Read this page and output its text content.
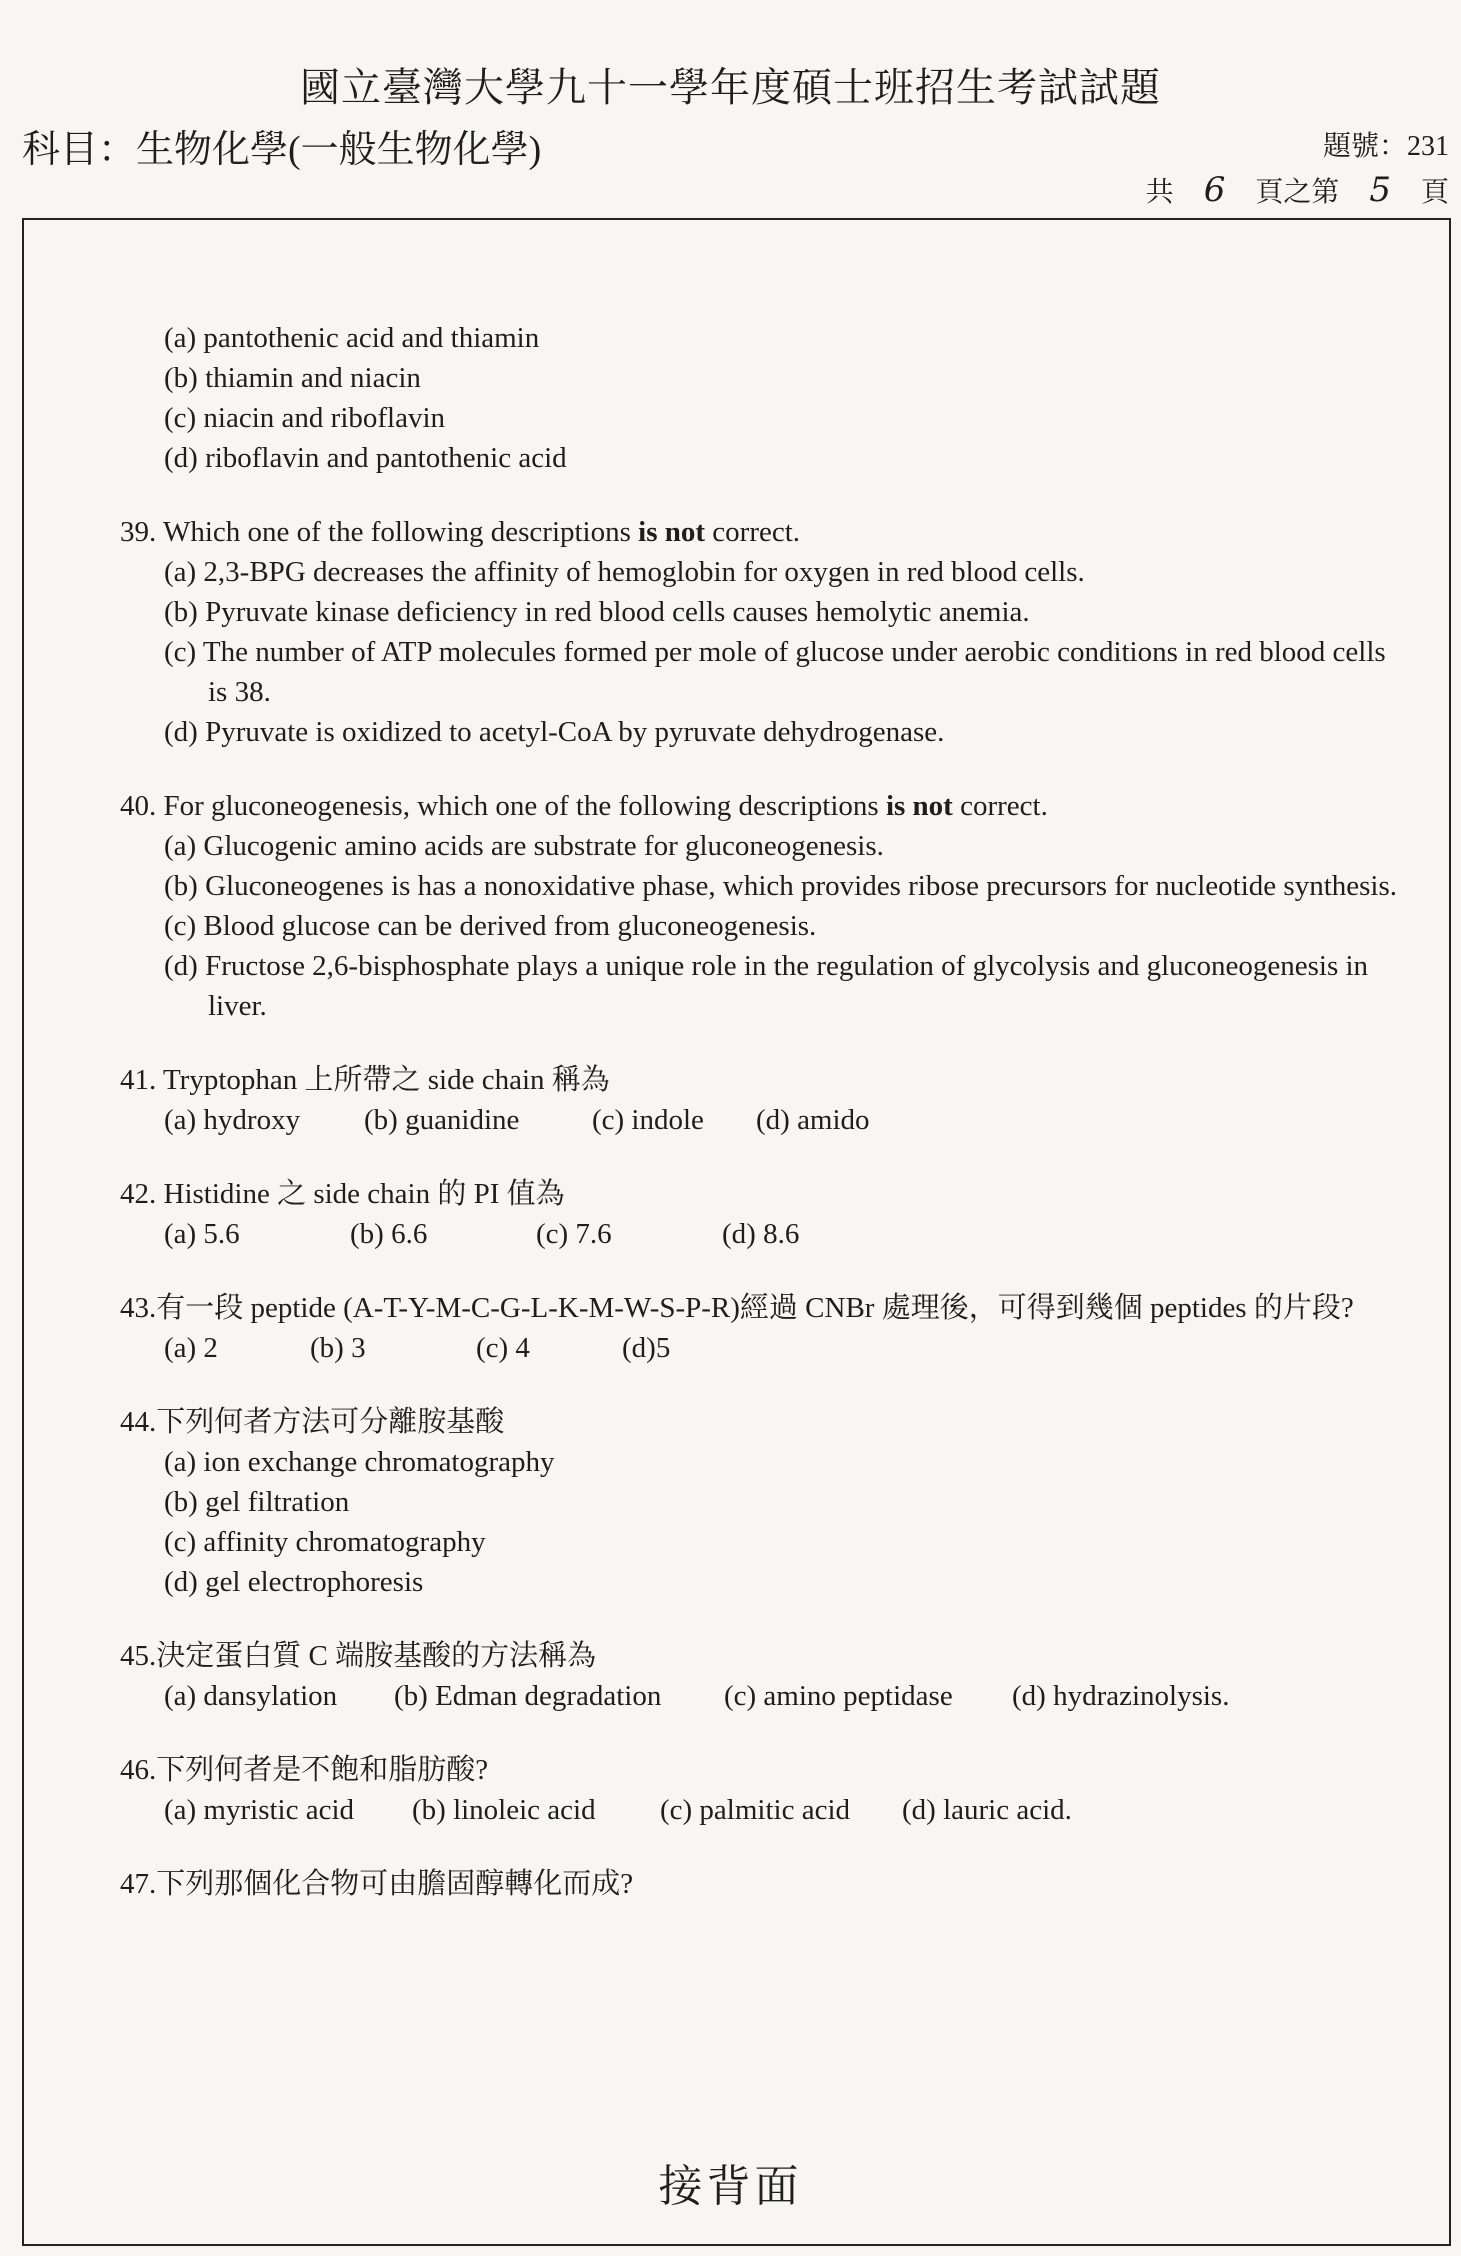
國立臺灣大學九十一學年度碩士班招生考試試題
科目：生物化學(一般生物化學)	題號：231
共 6	頁之第 5	頁
(a) pantothenic acid and thiamin
(b) thiamin and niacin
(c) niacin and riboflavin
(d) riboflavin and pantothenic acid
39. Which one of the following descriptions is not correct.
(a) 2,3-BPG decreases the affinity of hemoglobin for oxygen in red blood cells.
(b) Pyruvate kinase deficiency in red blood cells causes hemolytic anemia.
(c) The number of ATP molecules formed per mole of glucose under aerobic conditions in red blood cells is 38.
(d) Pyruvate is oxidized to acetyl-CoA by pyruvate dehydrogenase.
40. For gluconeogenesis, which one of the following descriptions is not correct.
(a) Glucogenic amino acids are substrate for gluconeogenesis.
(b) Gluconeogenes is has a nonoxidative phase, which provides ribose precursors for nucleotide synthesis.
(c) Blood glucose can be derived from gluconeogenesis.
(d) Fructose 2,6-bisphosphate plays a unique role in the regulation of glycolysis and gluconeogenesis in liver.
41. Tryptophan 上所帶之 side chain 稱為
(a) hydroxy	(b) guanidine	(c) indole	(d) amido
42. Histidine 之 side chain 的 PI 值為
(a) 5.6	(b) 6.6	(c) 7.6	(d) 8.6
43.有一段 peptide (A-T-Y-M-C-G-L-K-M-W-S-P-R)經過 CNBr 處理後，可得到幾個 peptides 的片段?
(a) 2	(b) 3	(c) 4	(d)5
44.下列何者方法可分離胺基酸
(a) ion exchange chromatography
(b) gel filtration
(c) affinity chromatography
(d) gel electrophoresis
45.決定蛋白質 C 端胺基酸的方法稱為
(a) dansylation	(b) Edman degradation	(c) amino peptidase	(d) hydrazinolysis.
46.下列何者是不飽和脂肪酸?
(a) myristic acid	(b) linoleic acid	(c) palmitic acid	(d) lauric acid.
47.下列那個化合物可由膽固醇轉化而成?
接背面
